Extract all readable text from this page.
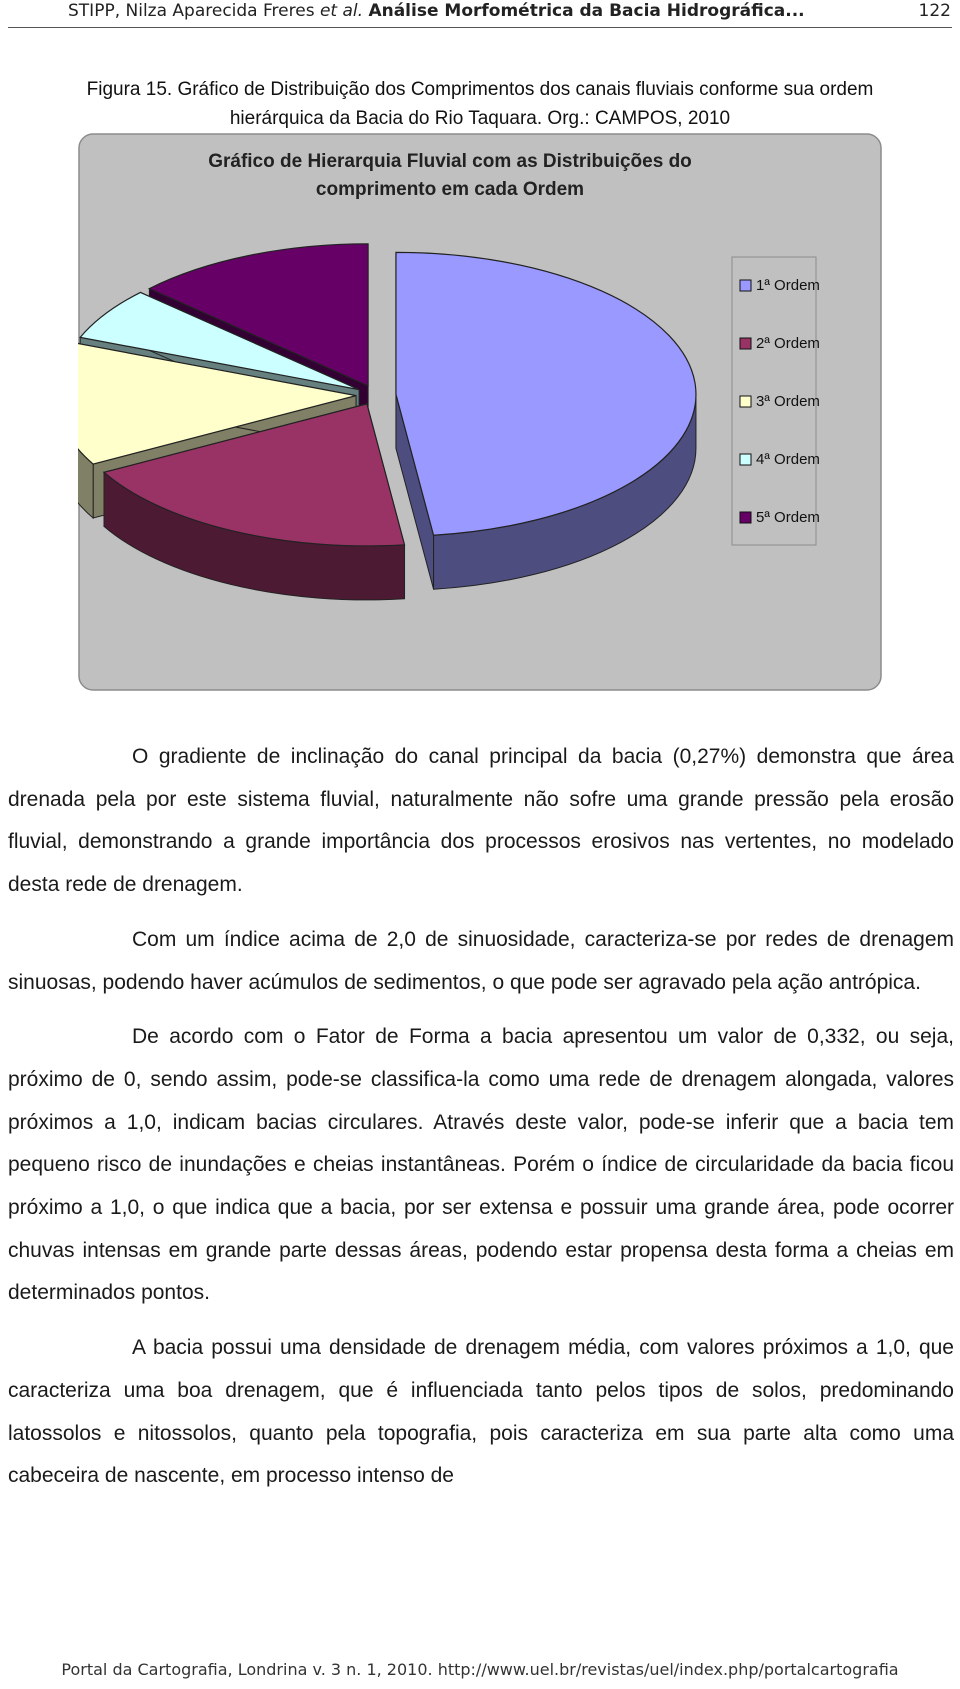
STIPP, Nilza Aparecida Freres et al. Análise Morfométrica da Bacia Hidrográfica...	122
Figura 15. Gráfico de Distribuição dos Comprimentos dos canais fluviais conforme sua ordem
hierárquica da Bacia do Rio Taquara. Org.: CAMPOS, 2010
Gráfico de Hierarquia Fluvial com as Distribuições do
comprimento em cada Ordem
1ª Ordem
2ª Ordem
3ª Ordem
4ª Ordem
5ª Ordem

O gradiente de inclinação do canal principal da bacia (0,27%) demonstra que área drenada pela por este sistema fluvial, naturalmente não sofre uma grande pressão pela erosão fluvial, demonstrando a grande importância dos processos erosivos nas vertentes, no modelado desta rede de drenagem.

Com um índice acima de 2,0 de sinuosidade, caracteriza-se por redes de drenagem sinuosas, podendo haver acúmulos de sedimentos, o que pode ser agravado pela ação antrópica.

De acordo com o Fator de Forma a bacia apresentou um valor de 0,332, ou seja, próximo de 0, sendo assim, pode-se classifica-la como uma rede de drenagem alongada, valores próximos a 1,0, indicam bacias circulares. Através deste valor, pode-se inferir que a bacia tem pequeno risco de inundações e cheias instantâneas. Porém o índice de circularidade da bacia ficou próximo a 1,0, o que indica que a bacia, por ser extensa e possuir uma grande área, pode ocorrer chuvas intensas em grande parte dessas áreas, podendo estar propensa desta forma a cheias em determinados pontos.

A bacia possui uma densidade de drenagem média, com valores próximos a 1,0, que caracteriza uma boa drenagem, que é influenciada tanto pelos tipos de solos, predominando latossolos e nitossolos, quanto pela topografia, pois caracteriza em sua parte alta como uma cabeceira de nascente, em processo intenso de

Portal da Cartografia, Londrina v. 3 n. 1, 2010. http://www.uel.br/revistas/uel/index.php/portalcartografia
